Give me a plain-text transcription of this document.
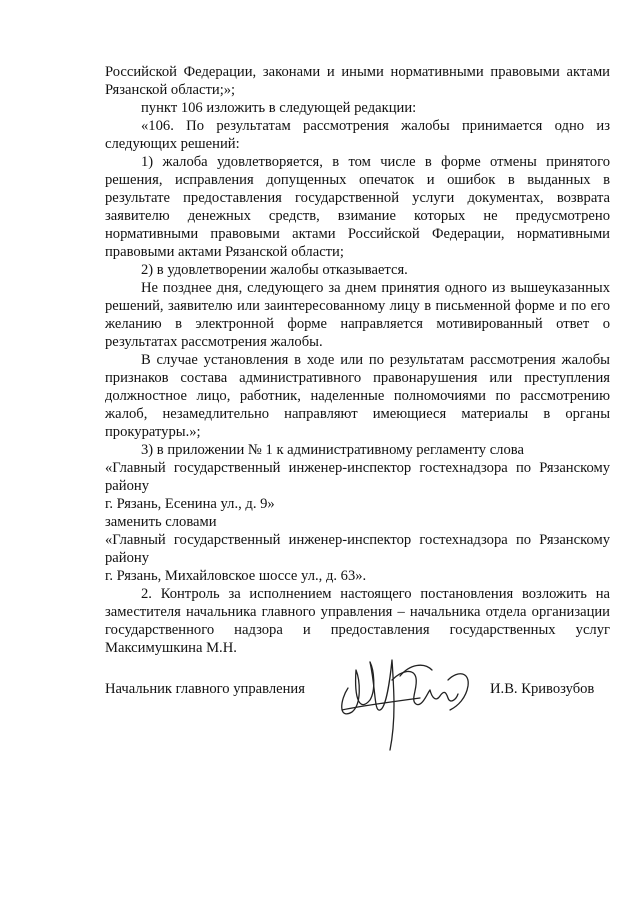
Российской Федерации, законами и иными нормативными правовыми актами
Рязанской области;»;
пункт 106 изложить в следующей редакции:
«106. По результатам рассмотрения жалобы принимается одно из
следующих решений:
1) жалоба удовлетворяется, в том числе в форме отмены принятого
решения, исправления допущенных опечаток и ошибок в выданных в
результате предоставления государственной услуги документах, возврата
заявителю денежных средств, взимание которых не предусмотрено
нормативными правовыми актами Российской Федерации, нормативными
правовыми актами Рязанской области;
2) в удовлетворении жалобы отказывается.
Не позднее дня, следующего за днем принятия одного из вышеуказанных
решений, заявителю или заинтересованному лицу в письменной форме и по его
желанию в электронной форме направляется мотивированный ответ о
результатах рассмотрения жалобы.
В случае установления в ходе или по результатам рассмотрения жалобы
признаков состава административного правонарушения или преступления
должностное лицо, работник, наделенные полномочиями по рассмотрению
жалоб, незамедлительно направляют имеющиеся материалы в органы
прокуратуры.»;
3) в приложении № 1 к административному регламенту слова
«Главный государственный инженер-инспектор гостехнадзора по Рязанскому
району
г. Рязань, Есенина ул., д. 9»
заменить словами
«Главный государственный инженер-инспектор гостехнадзора по Рязанскому
району
г. Рязань, Михайловское шоссе ул., д. 63».
2. Контроль за исполнением настоящего постановления возложить на
заместителя начальника главного управления – начальника отдела организации
государственного надзора и предоставления государственных услуг
Максимушкина М.Н.
Начальник главного управления	И.В. Кривозубов
